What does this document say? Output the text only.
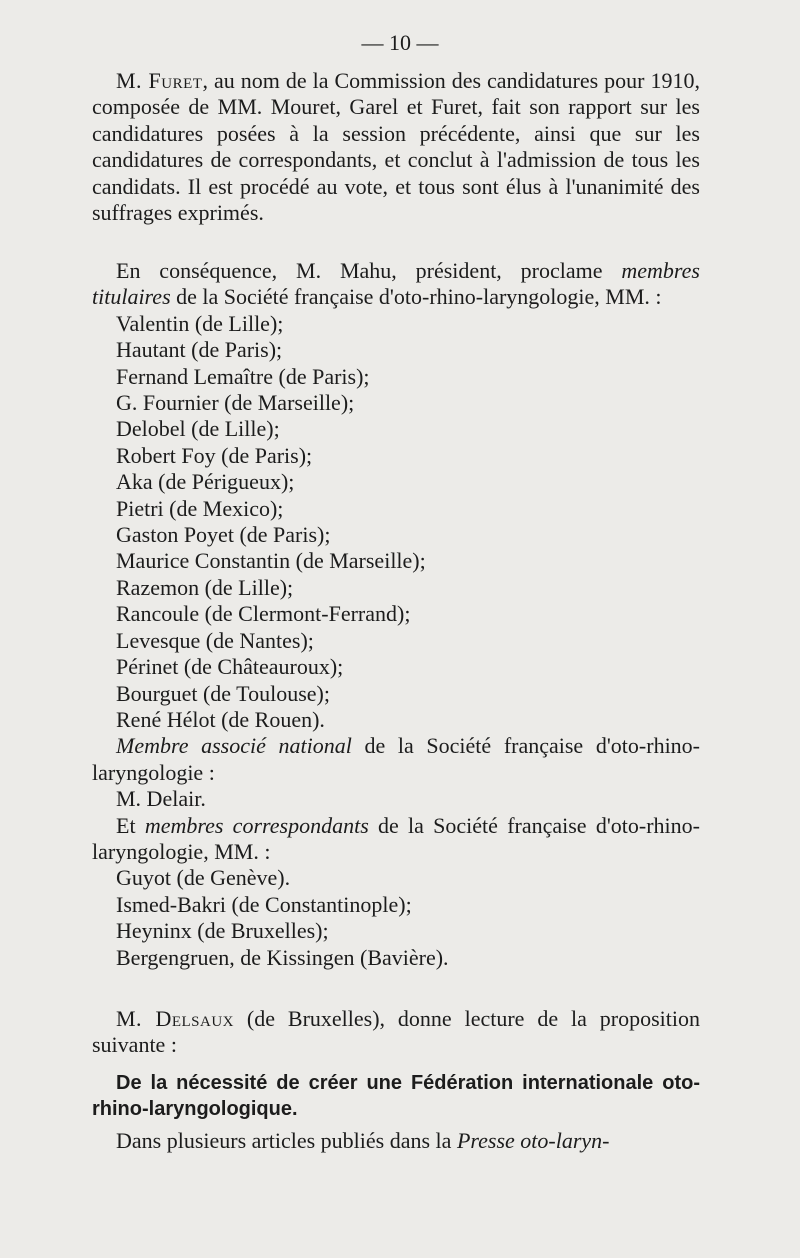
— 10 —

M. Furet, au nom de la Commission des candidatures pour 1910, composée de MM. Mouret, Garel et Furet, fait son rapport sur les candidatures posées à la session précédente, ainsi que sur les candidatures de correspondants, et conclut à l'admission de tous les candidats. Il est procédé au vote, et tous sont élus à l'unanimité des suffrages exprimés.

En conséquence, M. Mahu, président, proclame membres titulaires de la Société française d'oto-rhino-laryngologie, MM. :

Valentin (de Lille);
Hautant (de Paris);
Fernand Lemaître (de Paris);
G. Fournier (de Marseille);
Delobel (de Lille);
Robert Foy (de Paris);
Aka (de Périgueux);
Pietri (de Mexico);
Gaston Poyet (de Paris);
Maurice Constantin (de Marseille);
Razemon (de Lille);
Rancoule (de Clermont-Ferrand);
Levesque (de Nantes);
Périnet (de Châteauroux);
Bourguet (de Toulouse);
René Hélot (de Rouen).

Membre associé national de la Société française d'oto-rhino-laryngologie :

M. Delair.

Et membres correspondants de la Société française d'oto-rhino-laryngologie, MM. :

Guyot (de Genève).
Ismed-Bakri (de Constantinople);
Heyninx (de Bruxelles);
Bergengruen, de Kissingen (Bavière).

M. Delsaux (de Bruxelles), donne lecture de la proposition suivante :

De la nécessité de créer une Fédération internationale oto-rhino-laryngologique.

Dans plusieurs articles publiés dans la Presse oto-laryn-
